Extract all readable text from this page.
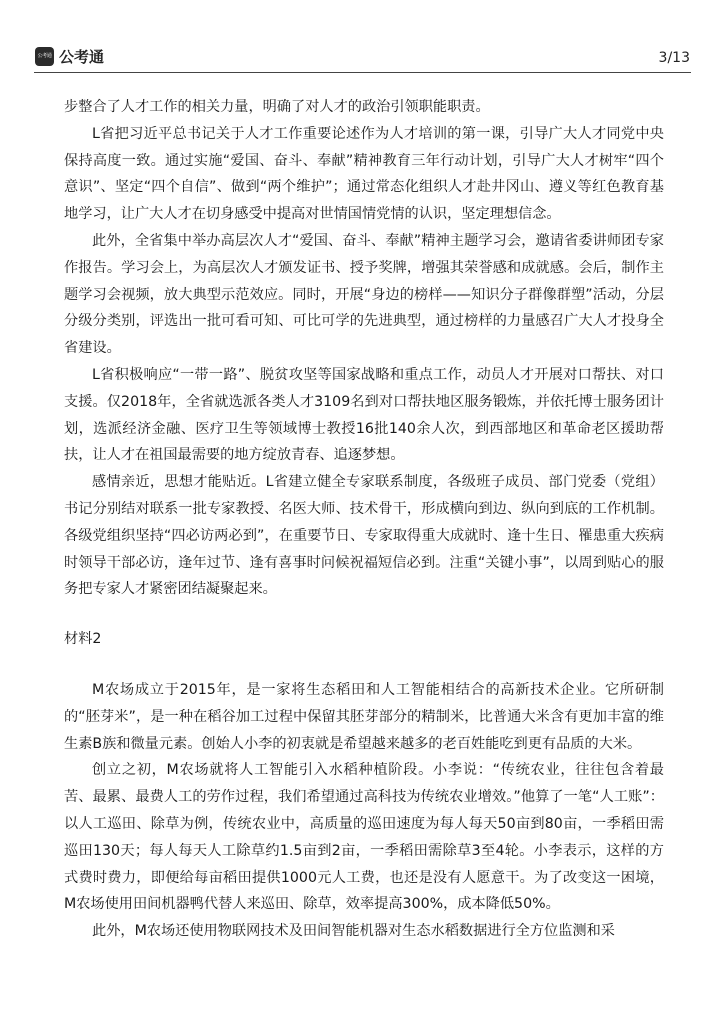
公考通 公考通	3/13

步整合了人才工作的相关力量，明确了对人才的政治引领职能职责。

L省把习近平总书记关于人才工作重要论述作为人才培训的第一课，引导广大人才同党中央保持高度一致。通过实施“爱国、奋斗、奉献”精神教育三年行动计划，引导广大人才树牢“四个意识”、坚定“四个自信”、做到“两个维护”；通过常态化组织人才赴井冈山、遵义等红色教育基地学习，让广大人才在切身感受中提高对世情国情党情的认识，坚定理想信念。

此外，全省集中举办高层次人才“爱国、奋斗、奉献”精神主题学习会，邀请省委讲师团专家作报告。学习会上，为高层次人才颁发证书、授予奖牌，增强其荣誉感和成就感。会后，制作主题学习会视频，放大典型示范效应。同时，开展“身边的榜样——知识分子群像群塑”活动，分层分级分类别，评选出一批可看可知、可比可学的先进典型，通过榜样的力量感召广大人才投身全省建设。

L省积极响应“一带一路”、脱贫攻坚等国家战略和重点工作，动员人才开展对口帮扶、对口支援。仅2018年，全省就选派各类人才3109名到对口帮扶地区服务锻炼，并依托博士服务团计划，选派经济金融、医疗卫生等领域博士教授16批140余人次，到西部地区和革命老区援助帮扶，让人才在祖国最需要的地方绽放青春、追逐梦想。

感情亲近，思想才能贴近。L省建立健全专家联系制度，各级班子成员、部门党委（党组）书记分别结对联系一批专家教授、名医大师、技术骨干，形成横向到边、纵向到底的工作机制。各级党组织坚持“四必访两必到”，在重要节日、专家取得重大成就时、逢十生日、罹患重大疾病时领导干部必访，逢年过节、逢有喜事时问候祝福短信必到。注重“关键小事”，以周到贴心的服务把专家人才紧密团结凝聚起来。

材料2

M农场成立于2015年，是一家将生态稻田和人工智能相结合的高新技术企业。它所研制的“胚芽米”，是一种在稻谷加工过程中保留其胚芽部分的精制米，比普通大米含有更加丰富的维生素B族和微量元素。创始人小李的初衷就是希望越来越多的老百姓能吃到更有品质的大米。

创立之初，M农场就将人工智能引入水稻种植阶段。小李说：“传统农业，往往包含着最苦、最累、最费人工的劳作过程，我们希望通过高科技为传统农业增效。”他算了一笔“人工账”：以人工巡田、除草为例，传统农业中，高质量的巡田速度为每人每天50亩到80亩，一季稻田需巡田130天；每人每天人工除草约1.5亩到2亩，一季稻田需除草3至4轮。小李表示，这样的方式费时费力，即便给每亩稻田提供1000元人工费，也还是没有人愿意干。为了改变这一困境，M农场使用田间机器鸭代替人来巡田、除草，效率提高300%，成本降低50%。

此外，M农场还使用物联网技术及田间智能机器对生态水稻数据进行全方位监测和采
